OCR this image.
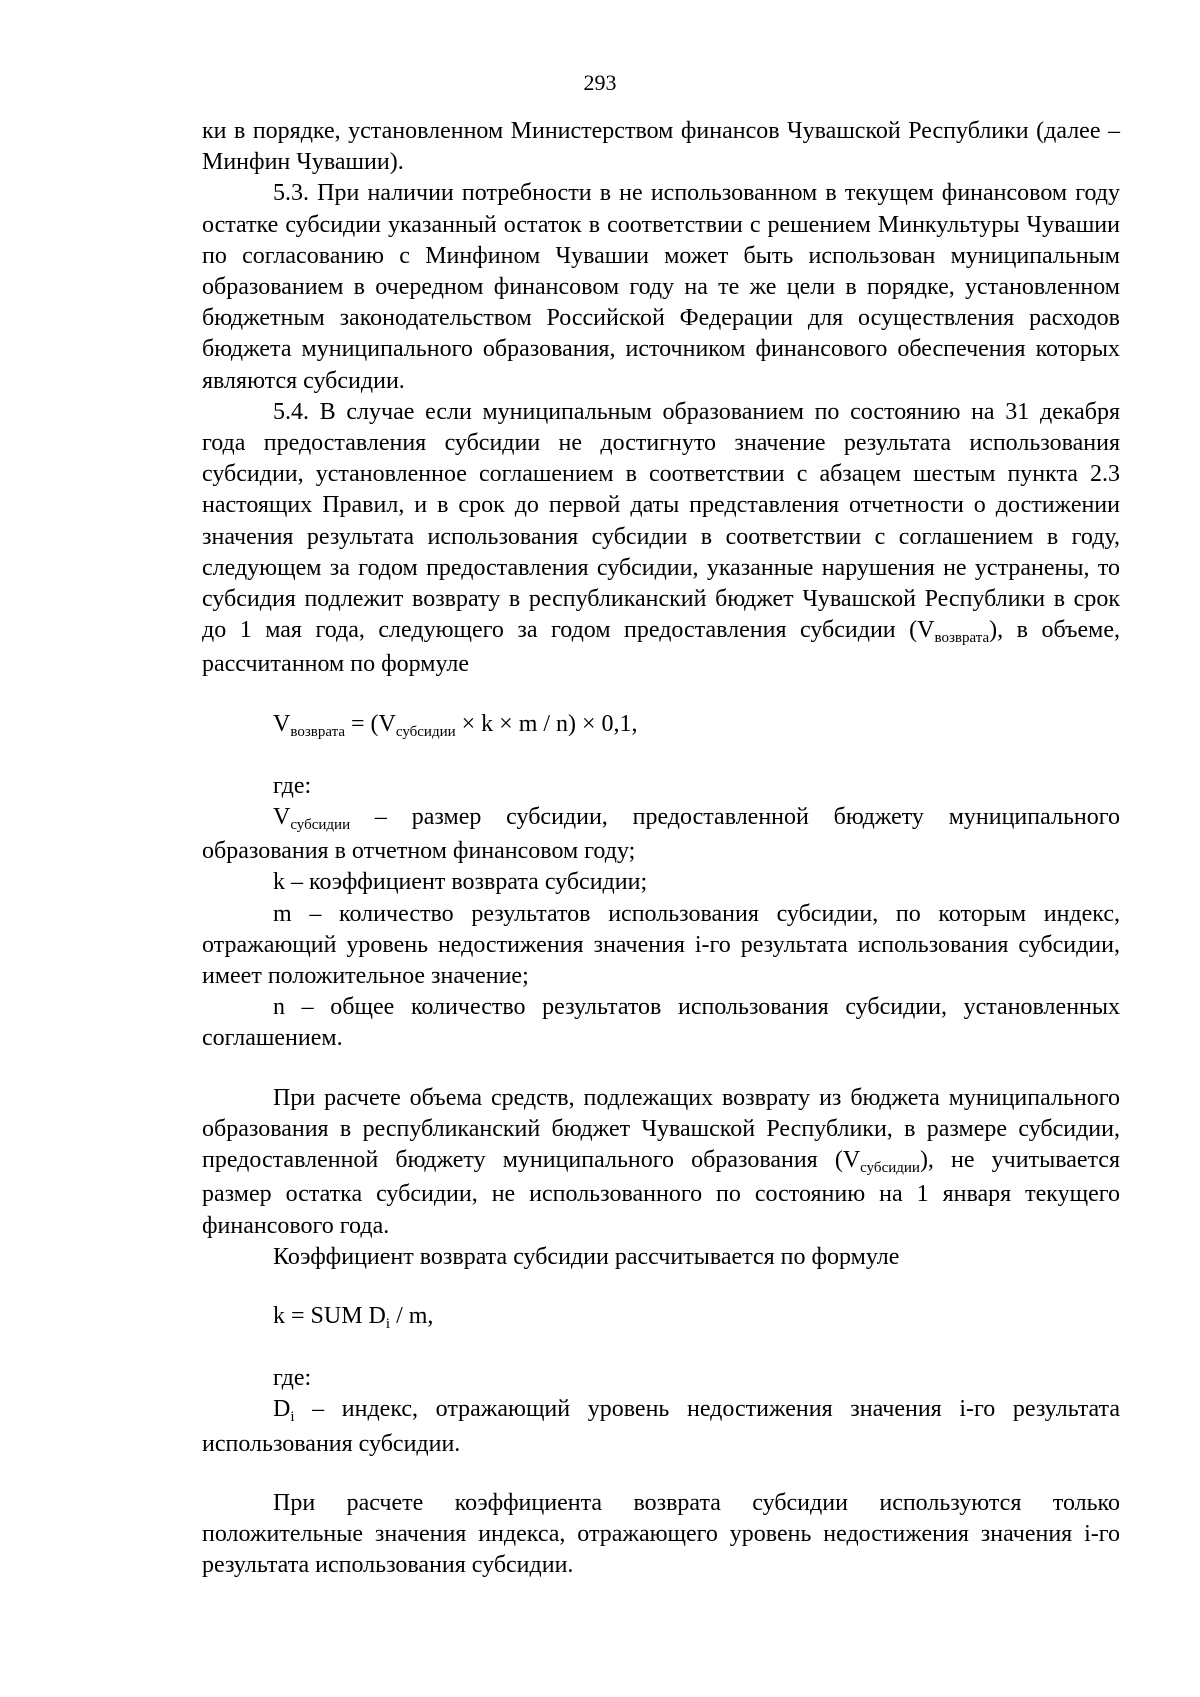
293

ки в порядке, установленном Министерством финансов Чувашской Республики (далее – Минфин Чувашии).

5.3. При наличии потребности в не использованном в текущем финансовом году остатке субсидии указанный остаток в соответствии с решением Минкультуры Чувашии по согласованию с Минфином Чувашии может быть использован муниципальным образованием в очередном финансовом году на те же цели в порядке, установленном бюджетным законодательством Российской Федерации для осуществления расходов бюджета муниципального образования, источником финансового обеспечения которых являются субсидии.

5.4. В случае если муниципальным образованием по состоянию на 31 декабря года предоставления субсидии не достигнуто значение результата использования субсидии, установленное соглашением в соответствии с абзацем шестым пункта 2.3 настоящих Правил, и в срок до первой даты представления отчетности о достижении значения результата использования субсидии в соответствии с соглашением в году, следующем за годом предоставления субсидии, указанные нарушения не устранены, то субсидия подлежит возврату в республиканский бюджет Чувашской Республики в срок до 1 мая года, следующего за годом предоставления субсидии $(V_{возврата})$, в объеме, рассчитанном по формуле

$V_{возврата} = (V_{субсидии} \times k \times m / n) \times 0,1$,

где:

$V_{субсидии}$ – размер субсидии, предоставленной бюджету муниципального образования в отчетном финансовом году;

k – коэффициент возврата субсидии;

m – количество результатов использования субсидии, по которым индекс, отражающий уровень недостижения значения i-го результата использования субсидии, имеет положительное значение;

n – общее количество результатов использования субсидии, установленных соглашением.

При расчете объема средств, подлежащих возврату из бюджета муниципального образования в республиканский бюджет Чувашской Республики, в размере субсидии, предоставленной бюджету муниципального образования $(V_{субсидии})$, не учитывается размер остатка субсидии, не использованного по состоянию на 1 января текущего финансового года.

Коэффициент возврата субсидии рассчитывается по формуле

k = SUM $D_i$ / m,

где:

$D_i$ – индекс, отражающий уровень недостижения значения i-го результата использования субсидии.

При расчете коэффициента возврата субсидии используются только положительные значения индекса, отражающего уровень недостижения значения i-го результата использования субсидии.
